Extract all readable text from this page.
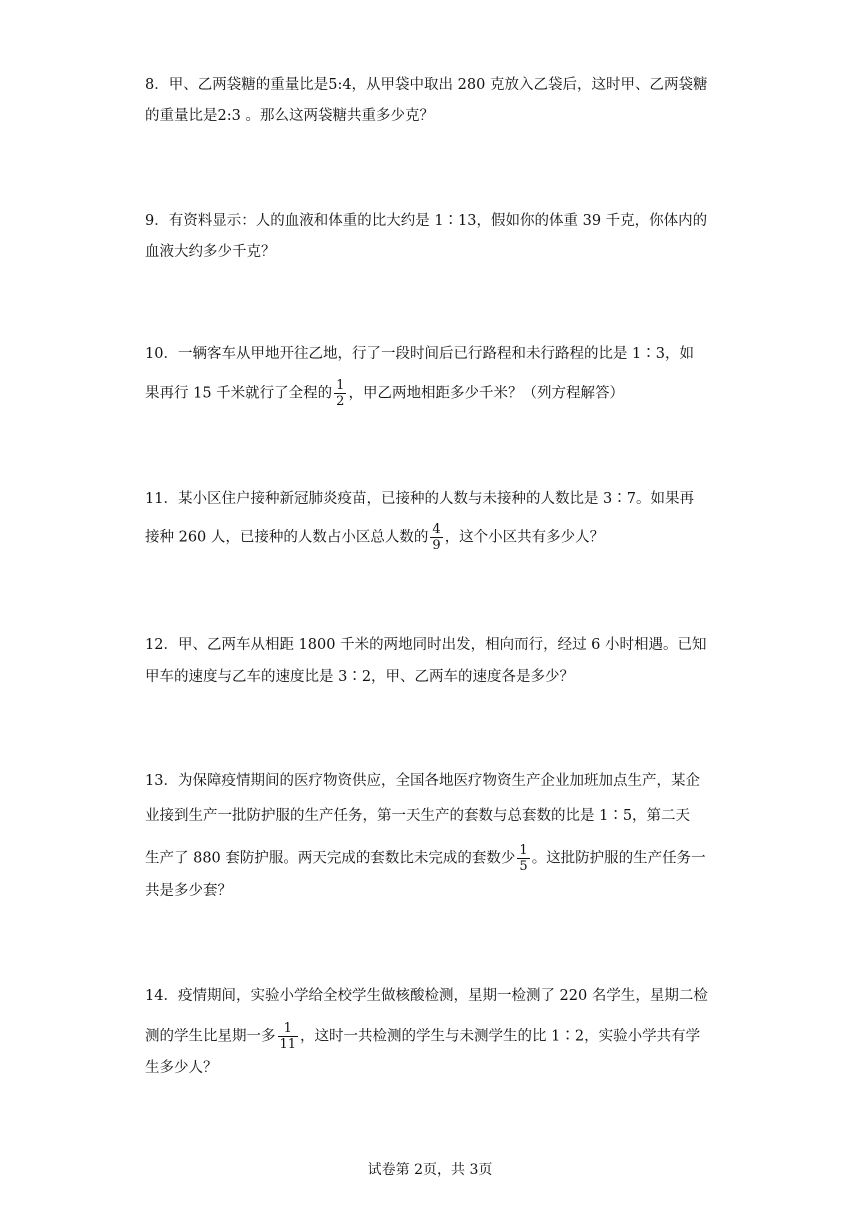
8．甲、乙两袋糖的重量比是5:4，从甲袋中取出 280 克放入乙袋后，这时甲、乙两袋糖
的重量比是2:3 。那么这两袋糖共重多少克？
9．有资料显示：人的血液和体重的比大约是 1∶13，假如你的体重 39 千克，你体内的
血液大约多少千克？
10．一辆客车从甲地开往乙地，行了一段时间后已行路程和未行路程的比是 1∶3，如
果再行 15 千米就行了全程的 $\frac{1}{2}$ ，甲乙两地相距多少千米？（列方程解答）
11．某小区住户接种新冠肺炎疫苗，已接种的人数与未接种的人数比是 3∶7。如果再
接种 260 人，已接种的人数占小区总人数的 $\frac{4}{9}$ ，这个小区共有多少人？
12．甲、乙两车从相距 1800 千米的两地同时出发，相向而行，经过 6 小时相遇。已知
甲车的速度与乙车的速度比是 3∶2，甲、乙两车的速度各是多少？
13．为保障疫情期间的医疗物资供应，全国各地医疗物资生产企业加班加点生产，某企
业接到生产一批防护服的生产任务，第一天生产的套数与总套数的比是 1∶5，第二天
生产了 880 套防护服。两天完成的套数比未完成的套数少 $\frac{1}{5}$ 。这批防护服的生产任务一
共是多少套？
14．疫情期间，实验小学给全校学生做核酸检测，星期一检测了 220 名学生，星期二检
测的学生比星期一多 $\frac{1}{11}$ ，这时一共检测的学生与未测学生的比 1∶2，实验小学共有学
生多少人？
试卷第 2页，共 3页
